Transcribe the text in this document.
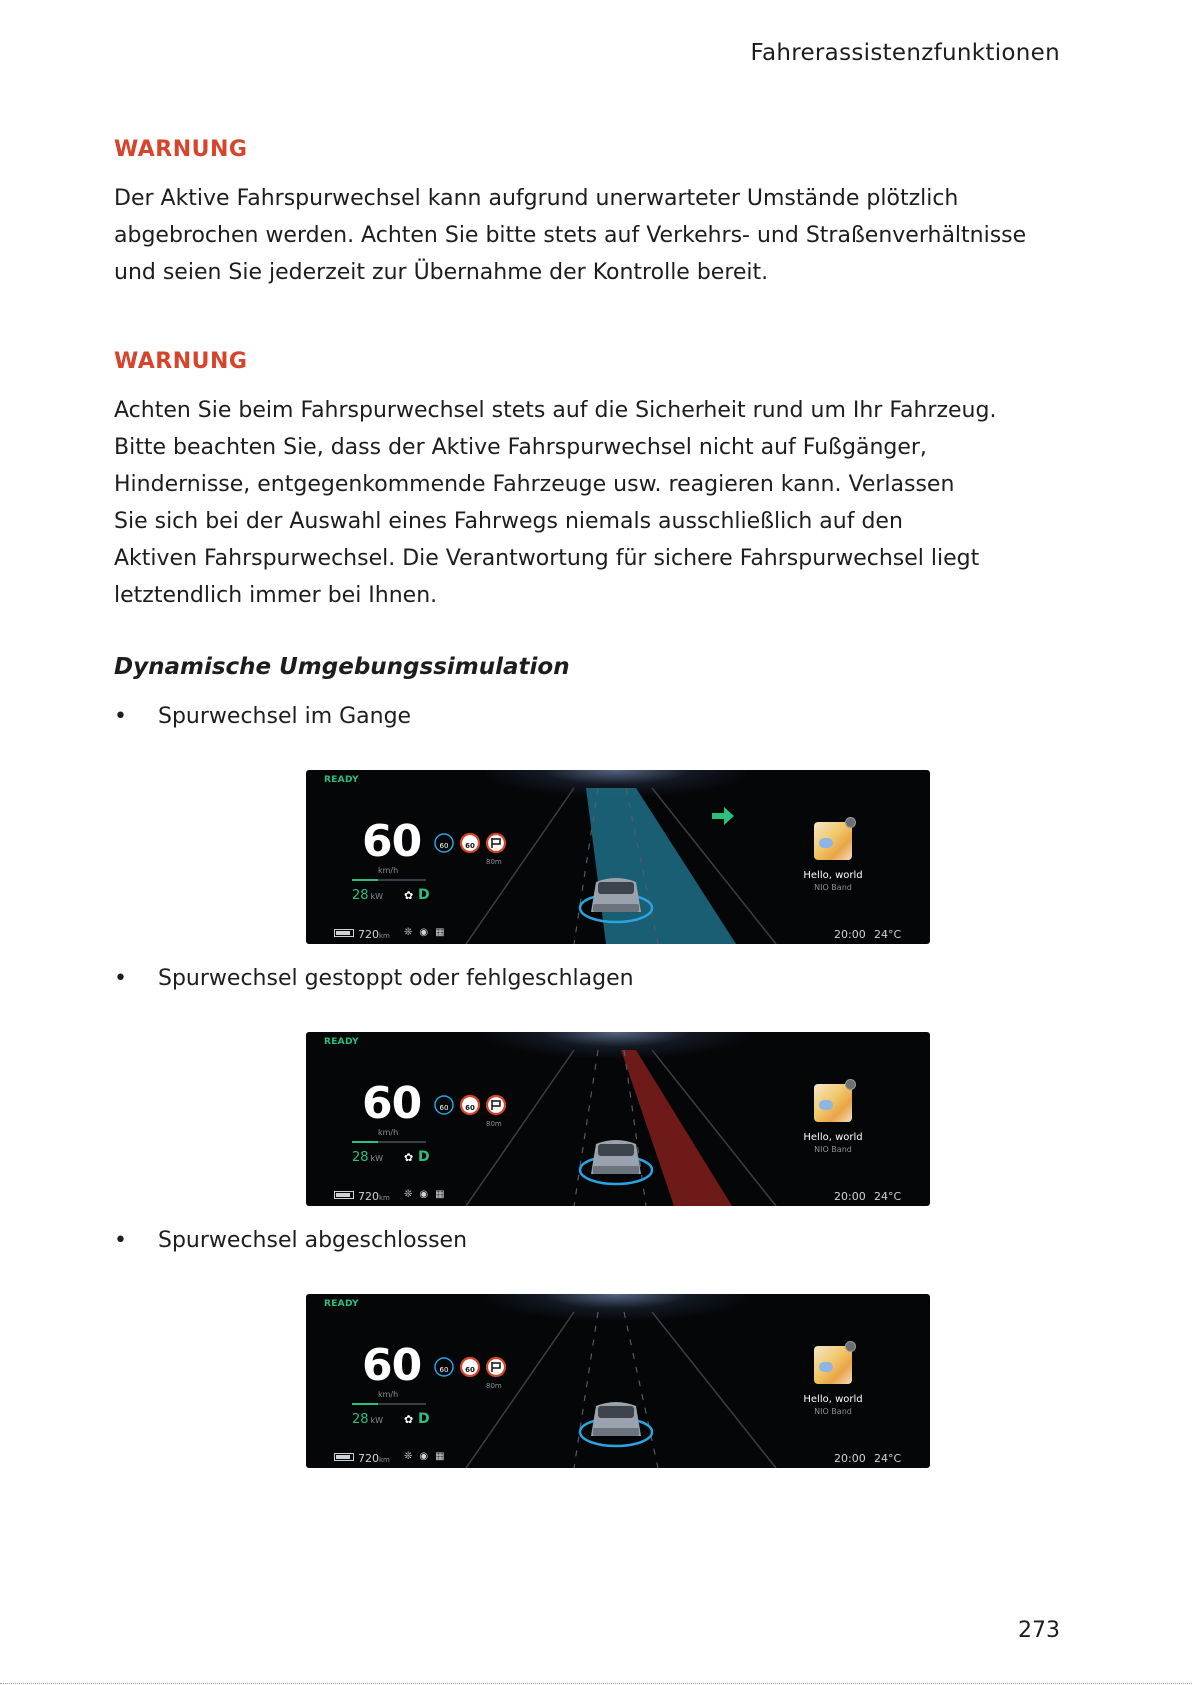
Fahrerassistenzfunktionen
WARNUNG

Der Aktive Fahrspurwechsel kann aufgrund unerwarteter Umstände plötzlich
abgebrochen werden. Achten Sie bitte stets auf Verkehrs- und Straßenverhältnisse
und seien Sie jederzeit zur Übernahme der Kontrolle bereit.

WARNUNG

Achten Sie beim Fahrspurwechsel stets auf die Sicherheit rund um Ihr Fahrzeug.
Bitte beachten Sie, dass der Aktive Fahrspurwechsel nicht auf Fußgänger,
Hindernisse, entgegenkommende Fahrzeuge usw. reagieren kann. Verlassen
Sie sich bei der Auswahl eines Fahrwegs niemals ausschließlich auf den
Aktiven Fahrspurwechsel. Die Verantwortung für sichere Fahrspurwechsel liegt
letztendlich immer bei Ihnen.

Dynamische Umgebungssimulation
• Spurwechsel im Gange
READY
60
km/h
28 kW ✿ D
60 60
80m
720km ❊◉▦
Hello, world
NIO Band
20:00 24°C
• Spurwechsel gestoppt oder fehlgeschlagen
READY
60
km/h
28 kW ✿ D
60 60
80m
720km ❊◉▦
Hello, world
NIO Band
20:00 24°C
• Spurwechsel abgeschlossen
READY
60
km/h
28 kW ✿ D
60 60
80m
720km ❊◉▦
Hello, world
NIO Band
20:00 24°C
273
